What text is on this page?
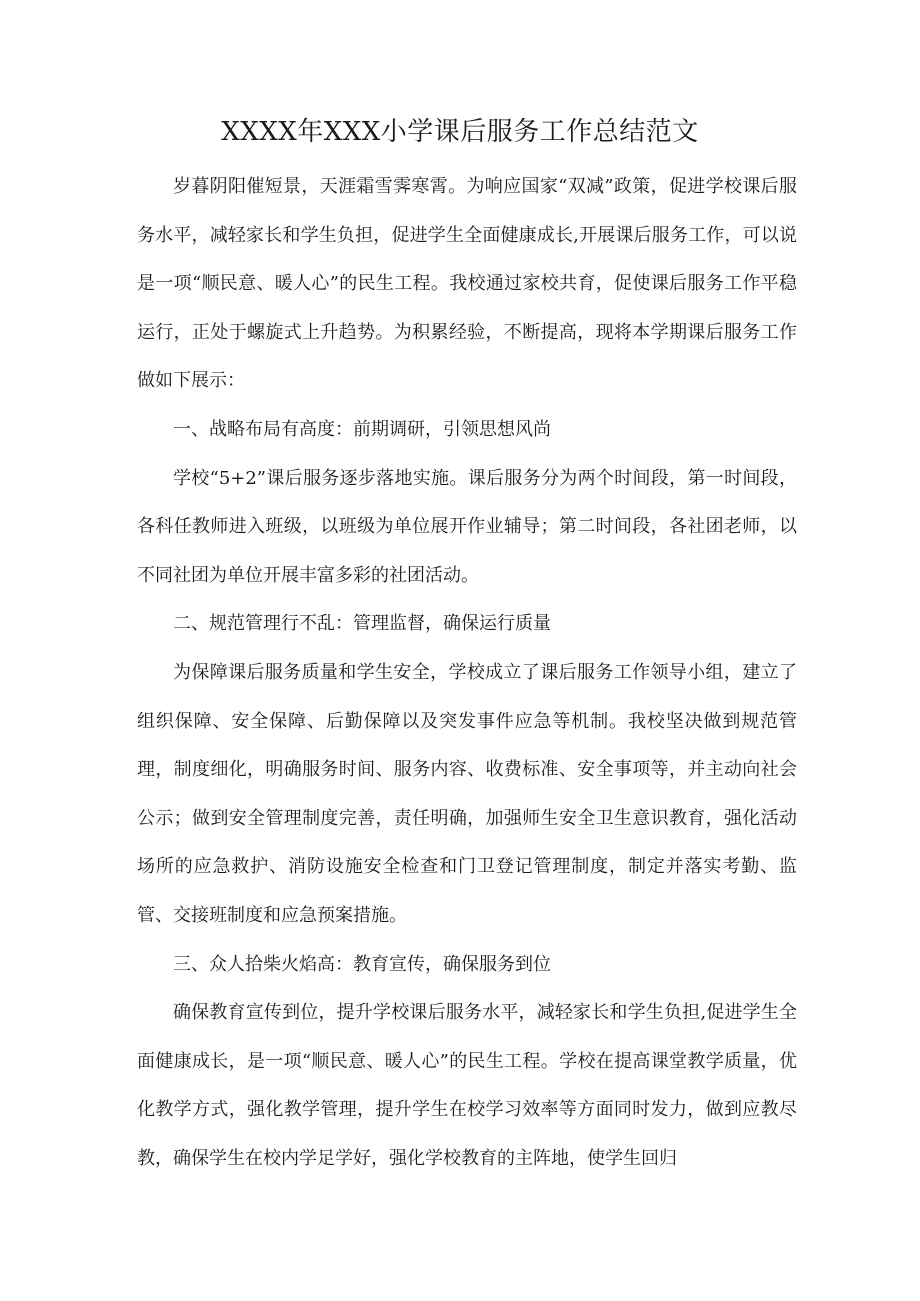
XXXX年XXX小学课后服务工作总结范文

岁暮阴阳催短景，天涯霜雪霁寒霄。为响应国家“双减”政策，促进学校课后服务水平，减轻家长和学生负担，促进学生全面健康成长,开展课后服务工作，可以说是一项“顺民意、暖人心”的民生工程。我校通过家校共育，促使课后服务工作平稳运行，正处于螺旋式上升趋势。为积累经验，不断提高，现将本学期课后服务工作做如下展示：

一、战略布局有高度：前期调研，引领思想风尚

学校“5+2”课后服务逐步落地实施。课后服务分为两个时间段，第一时间段，各科任教师进入班级，以班级为单位展开作业辅导；第二时间段，各社团老师，以不同社团为单位开展丰富多彩的社团活动。

二、规范管理行不乱：管理监督，确保运行质量

为保障课后服务质量和学生安全，学校成立了课后服务工作领导小组，建立了组织保障、安全保障、后勤保障以及突发事件应急等机制。我校坚决做到规范管理，制度细化，明确服务时间、服务内容、收费标准、安全事项等，并主动向社会公示；做到安全管理制度完善，责任明确，加强师生安全卫生意识教育，强化活动场所的应急救护、消防设施安全检查和门卫登记管理制度，制定并落实考勤、监管、交接班制度和应急预案措施。

三、众人拾柴火焰高：教育宣传，确保服务到位

确保教育宣传到位，提升学校课后服务水平，减轻家长和学生负担,促进学生全面健康成长，是一项“顺民意、暖人心”的民生工程。学校在提高课堂教学质量，优化教学方式，强化教学管理，提升学生在校学习效率等方面同时发力，做到应教尽教，确保学生在校内学足学好，强化学校教育的主阵地，使学生回归
